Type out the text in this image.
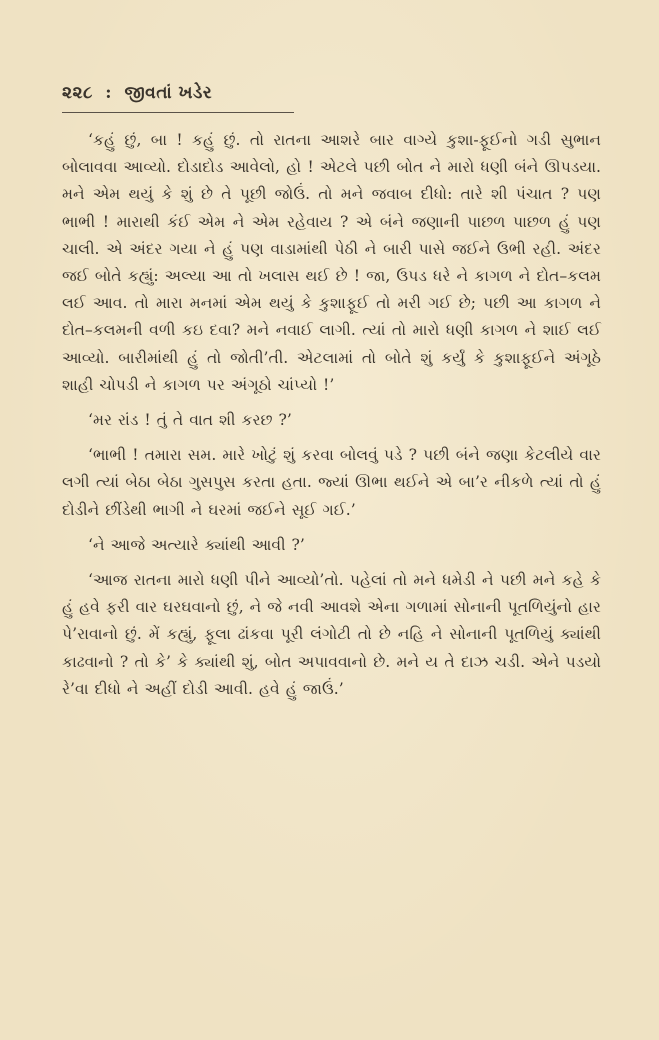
૨૨૮ : જીવતાં ખડેર

‘કહું છું, બા ! કહું છું. તો રાતના આશરે બાર વાગ્યે કુશા-ફૂઈનો ગડી સુભાન બોલાવવા આવ્યો. દોડાદોડ આવેલો, હો ! એટલે પછી બોત ને મારો ધણી બંને ઊપડયા. મને એમ થયું કે શું છે તે પૂછી જોઉં. તો મને જવાબ દીધો: તારે શી પંચાત ? પણ ભાભી ! મારાથી કંઈ એમ ને એમ રહેવાય ? એ બંને જણાની પાછળ પાછળ હું પણ ચાલી. એ અંદર ગયા ને હું પણ વાડામાંથી પેઠી ને બારી પાસે જઈને ઉભી રહી. અંદર જઈ બોતે કહ્યું: અલ્યા આ તો ખલાસ થઈ છે ! જા, ઉપડ ધરે ને કાગળ ને દોત–કલમ લઈ આવ. તો મારા મનમાં એમ થયું કે કુશાફૂઈ તો મરી ગઈ છે; પછી આ કાગળ ને દોત–કલમની વળી કઇ દવા? મને નવાઈ લાગી. ત્યાં તો મારો ધણી કાગળ ને શાઈ લઈ આવ્યો. બારીમાંથી હું તો જોતી’તી. એટલામાં તો બોતે શું કર્યું કે કુશાફૂઈને અંગૂઠે શાહી ચોપડી ને કાગળ પર અંગૂઠો ચાંપ્યો !’

‘મર રાંડ ! તું તે વાત શી કરછ ?’

‘ભાભી ! તમારા સમ. મારે ખોટું શું કરવા બોલવું પડે ? પછી બંને જણા કેટલીયે વાર લગી ત્યાં બેઠા બેઠા ગુસપુસ કરતા હતા. જ્યાં ઊભા થઈને એ બા’ર નીકળે ત્યાં તો હું દોડીને છીંડેથી ભાગી ને ઘરમાં જઈને સૂઈ ગઈ.’

‘ને આજે અત્યારે ક્યાંથી આવી ?’

‘આજ રાતના મારો ધણી પીને આવ્યો’તો. પહેલાં તો મને ધમેડી ને પછી મને કહે કે હું હવે ફરી વાર ઘરઘવાનો છું, ને જે નવી આવશે એના ગળામાં સોનાની પૂતળિયુંનો હાર પે’રાવાનો છું. મેં કહ્યું, ફૂલા ઢાંકવા પૂરી લંગોટી તો છે નહિ ને સોનાની પૂતળિયું ક્યાંથી કાઢવાનો ? તો કે’ કે ક્યાંથી શું, બોત અપાવવાનો છે. મને ય તે દાઝ ચડી. એને પડયો રે’વા દીધો ને અહીં દોડી આવી. હવે હું જાઉં.’
